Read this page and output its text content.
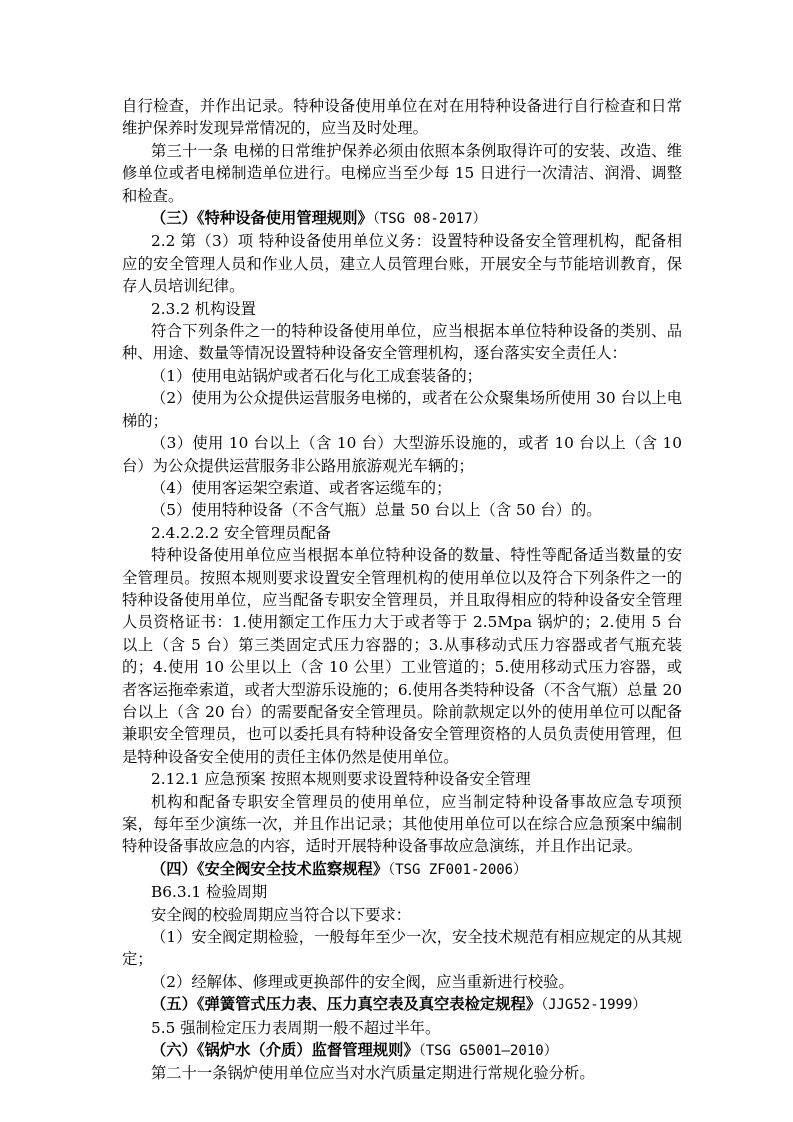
自行检查，并作出记录。特种设备使用单位在对在用特种设备进行自行检查和日常维护保养时发现异常情况的，应当及时处理。

第三十一条 电梯的日常维护保养必须由依照本条例取得许可的安装、改造、维修单位或者电梯制造单位进行。电梯应当至少每 15 日进行一次清洁、润滑、调整和检查。

（三）《特种设备使用管理规则》（TSG 08-2017）

2.2 第（3）项 特种设备使用单位义务：设置特种设备安全管理机构，配备相应的安全管理人员和作业人员，建立人员管理台账，开展安全与节能培训教育，保存人员培训纪律。

2.3.2 机构设置

符合下列条件之一的特种设备使用单位，应当根据本单位特种设备的类别、品种、用途、数量等情况设置特种设备安全管理机构，逐台落实安全责任人：

（1）使用电站锅炉或者石化与化工成套装备的；

（2）使用为公众提供运营服务电梯的，或者在公众聚集场所使用 30 台以上电梯的；

（3）使用 10 台以上（含 10 台）大型游乐设施的，或者 10 台以上（含 10 台）为公众提供运营服务非公路用旅游观光车辆的；

（4）使用客运架空索道、或者客运缆车的；

（5）使用特种设备（不含气瓶）总量 50 台以上（含 50 台）的。

2.4.2.2.2 安全管理员配备

特种设备使用单位应当根据本单位特种设备的数量、特性等配备适当数量的安全管理员。按照本规则要求设置安全管理机构的使用单位以及符合下列条件之一的特种设备使用单位，应当配备专职安全管理员，并且取得相应的特种设备安全管理人员资格证书：1.使用额定工作压力大于或者等于 2.5Mpa 锅炉的；2.使用 5 台以上（含 5 台）第三类固定式压力容器的；3.从事移动式压力容器或者气瓶充装的；4.使用 10 公里以上（含 10 公里）工业管道的；5.使用移动式压力容器，或者客运拖牵索道，或者大型游乐设施的；6.使用各类特种设备（不含气瓶）总量 20 台以上（含 20 台）的需要配备安全管理员。除前款规定以外的使用单位可以配备兼职安全管理员，也可以委托具有特种设备安全管理资格的人员负责使用管理，但是特种设备安全使用的责任主体仍然是使用单位。

2.12.1 应急预案 按照本规则要求设置特种设备安全管理

机构和配备专职安全管理员的使用单位，应当制定特种设备事故应急专项预案，每年至少演练一次，并且作出记录；其他使用单位可以在综合应急预案中编制特种设备事故应急的内容，适时开展特种设备事故应急演练，并且作出记录。

（四）《安全阀安全技术监察规程》（TSG ZF001-2006）

B6.3.1 检验周期

安全阀的校验周期应当符合以下要求：

（1）安全阀定期检验，一般每年至少一次，安全技术规范有相应规定的从其规定；

（2）经解体、修理或更换部件的安全阀，应当重新进行校验。

（五）《弹簧管式压力表、压力真空表及真空表检定规程》（JJG52-1999）

5.5 强制检定压力表周期一般不超过半年。

（六）《锅炉水（介质）监督管理规则》（TSG G5001—2010）

第二十一条锅炉使用单位应当对水汽质量定期进行常规化验分析。
